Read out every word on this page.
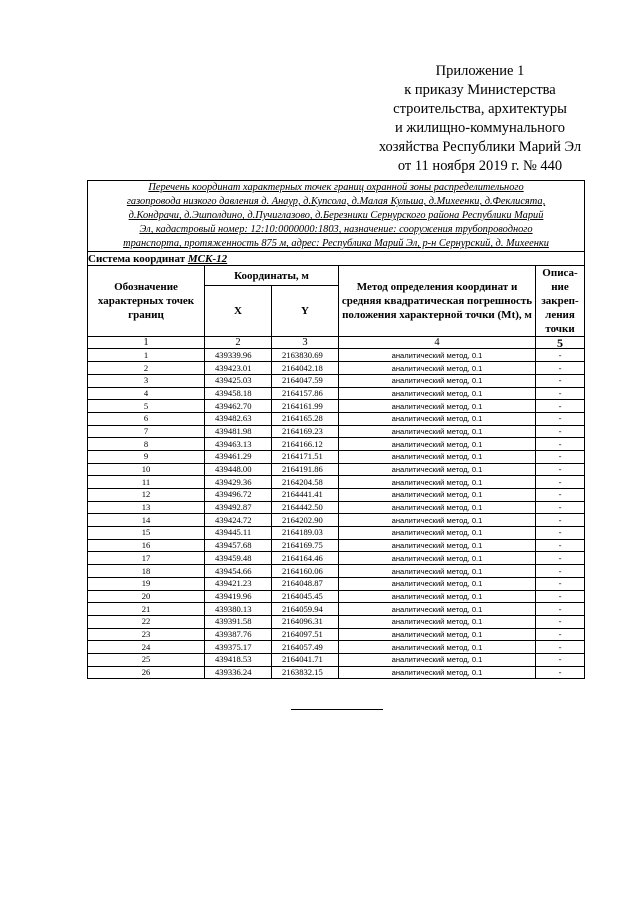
Приложение 1
к приказу Министерства
строительства, архитектуры
и жилищно-коммунального
хозяйства Республики Марий Эл
от 11 ноября 2019 г. № 440
Перечень координат характерных точек границ охранной зоны распределительного
газопровода низкого давления д. Анаур, д.Купсола, д.Малая Кульша, д.Михеенки, д.Феклисята,
д.Кондрачи, д.Эшполдино, д.Пучиглазово, д.Березники Сернурского района Республики Марий
Эл, кадастровый номер: 12:10:0000000:1803, назначение: сооружения трубопроводного
транспорта, протяженность 875 м, адрес: Республика Марий Эл, р-н Сернурский, д. Михеенки				
Система координат МСК-12				
Обозначение характерных точек границ	Координаты, м		Метод определения координат и средняя квадратическая погрешность положения характерной точки (Mt), м	Описа-ние закреп-ления точки
	X	Y		
1	2	3	4	5
1	439339.96	2163830.69	аналитический метод, 0.1	-
2	439423.01	2164042.18	аналитический метод, 0.1	-
3	439425.03	2164047.59	аналитический метод, 0.1	-
4	439458.18	2164157.86	аналитический метод, 0.1	-
5	439462.70	2164161.99	аналитический метод, 0.1	-
6	439482.63	2164165.28	аналитический метод, 0.1	-
7	439481.98	2164169.23	аналитический метод, 0.1	-
8	439463.13	2164166.12	аналитический метод, 0.1	-
9	439461.29	2164171.51	аналитический метод, 0.1	-
10	439448.00	2164191.86	аналитический метод, 0.1	-
11	439429.36	2164204.58	аналитический метод, 0.1	-
12	439496.72	2164441.41	аналитический метод, 0.1	-
13	439492.87	2164442.50	аналитический метод, 0.1	-
14	439424.72	2164202.90	аналитический метод, 0.1	-
15	439445.11	2164189.03	аналитический метод, 0.1	-
16	439457.68	2164169.75	аналитический метод, 0.1	-
17	439459.48	2164164.46	аналитический метод, 0.1	-
18	439454.66	2164160.06	аналитический метод, 0.1	-
19	439421.23	2164048.87	аналитический метод, 0.1	-
20	439419.96	2164045.45	аналитический метод, 0.1	-
21	439380.13	2164059.94	аналитический метод, 0.1	-
22	439391.58	2164096.31	аналитический метод, 0.1	-
23	439387.76	2164097.51	аналитический метод, 0.1	-
24	439375.17	2164057.49	аналитический метод, 0.1	-
25	439418.53	2164041.71	аналитический метод, 0.1	-
26	439336.24	2163832.15	аналитический метод, 0.1	-
